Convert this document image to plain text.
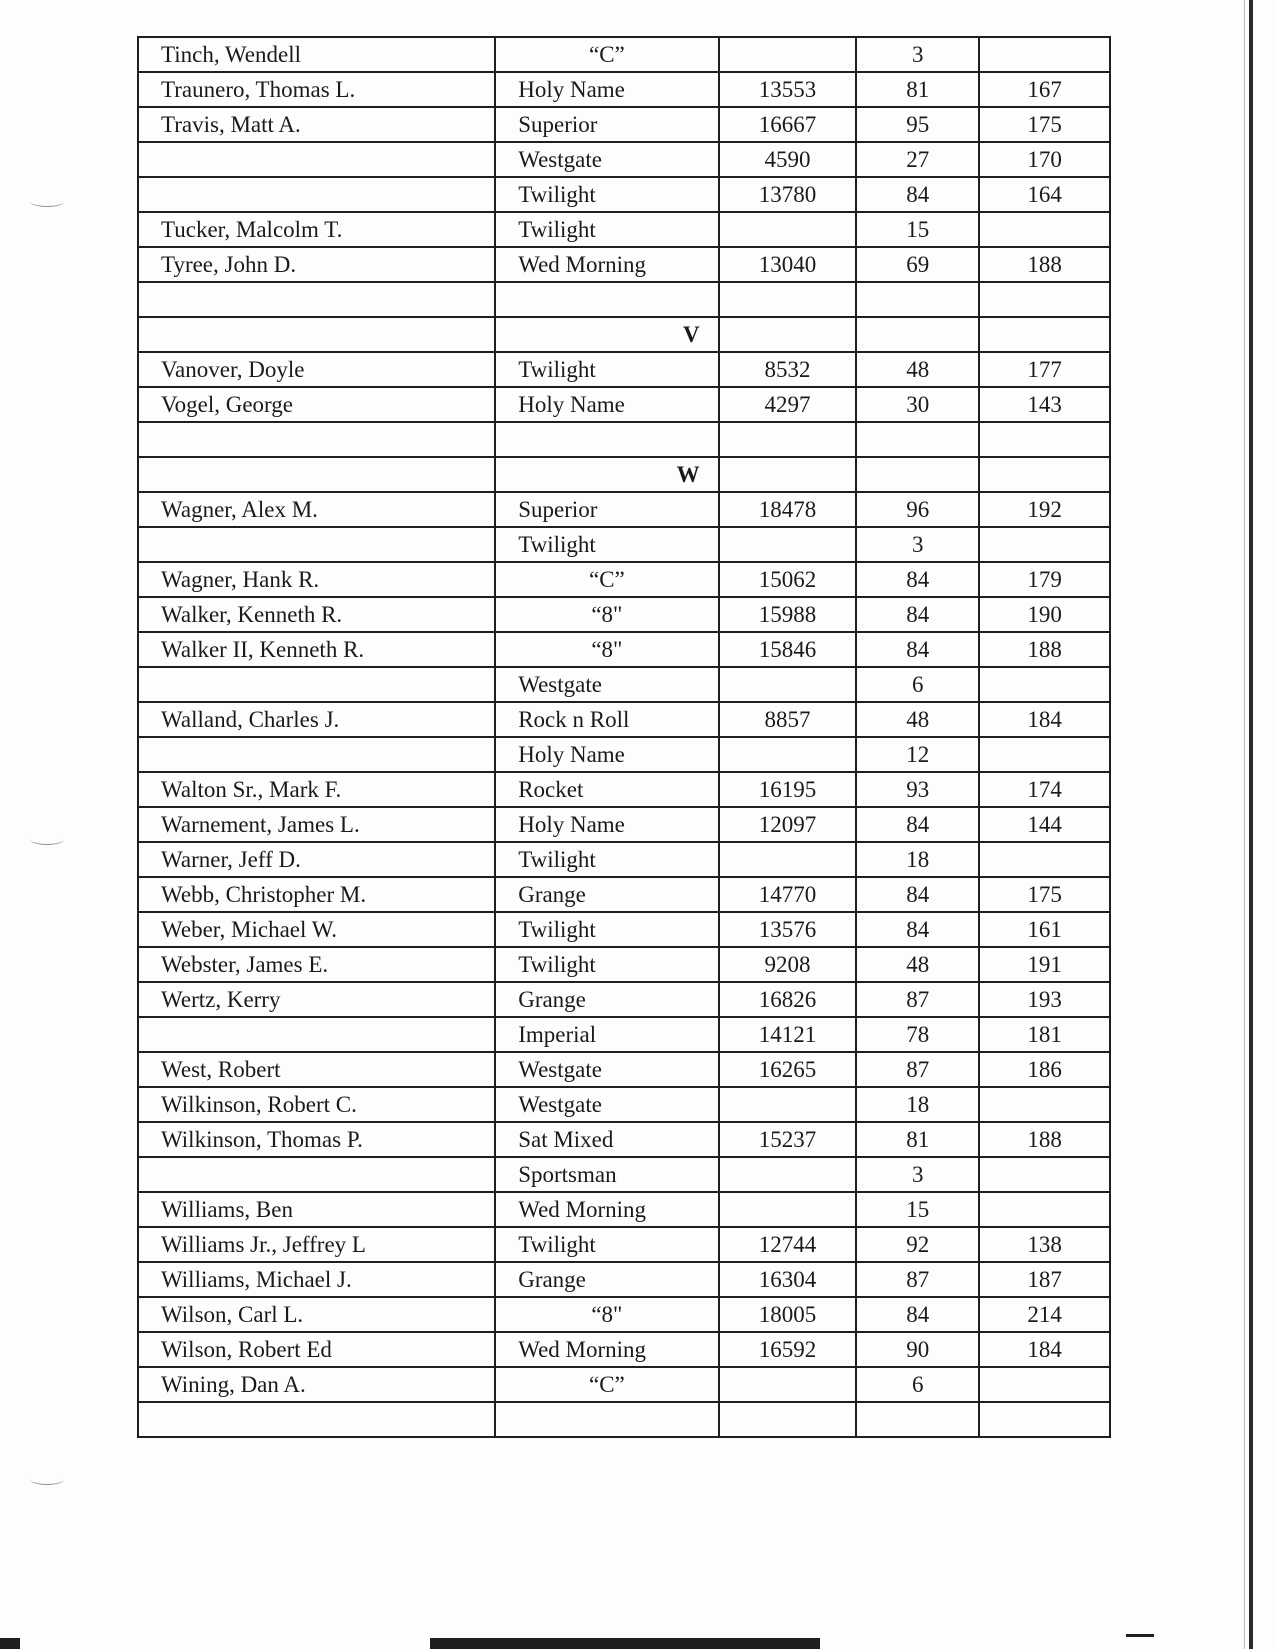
Tinch, Wendell	“C”		3	
Traunero, Thomas L.	Holy Name	13553	81	167
Travis, Matt A.	Superior	16667	95	175
	Westgate	4590	27	170
	Twilight	13780	84	164
Tucker, Malcolm T.	Twilight		15	
Tyree, John D.	Wed Morning	13040	69	188

	V			
Vanover, Doyle	Twilight	8532	48	177
Vogel, George	Holy Name	4297	30	143

	W			
Wagner, Alex M.	Superior	18478	96	192
	Twilight		3	
Wagner, Hank R.	“C”	15062	84	179
Walker, Kenneth R.	“8"	15988	84	190
Walker II, Kenneth R.	“8"	15846	84	188
	Westgate		6	
Walland, Charles J.	Rock n Roll	8857	48	184
	Holy Name		12	
Walton Sr., Mark F.	Rocket	16195	93	174
Warnement, James L.	Holy Name	12097	84	144
Warner, Jeff D.	Twilight		18	
Webb, Christopher M.	Grange	14770	84	175
Weber, Michael W.	Twilight	13576	84	161
Webster, James E.	Twilight	9208	48	191
Wertz, Kerry	Grange	16826	87	193
	Imperial	14121	78	181
West, Robert	Westgate	16265	87	186
Wilkinson, Robert C.	Westgate		18	
Wilkinson, Thomas P.	Sat Mixed	15237	81	188
	Sportsman		3	
Williams, Ben	Wed Morning		15	
Williams Jr., Jeffrey L	Twilight	12744	92	138
Williams, Michael J.	Grange	16304	87	187
Wilson, Carl L.	“8"	18005	84	214
Wilson, Robert Ed	Wed Morning	16592	90	184
Wining, Dan A.	“C”		6	
